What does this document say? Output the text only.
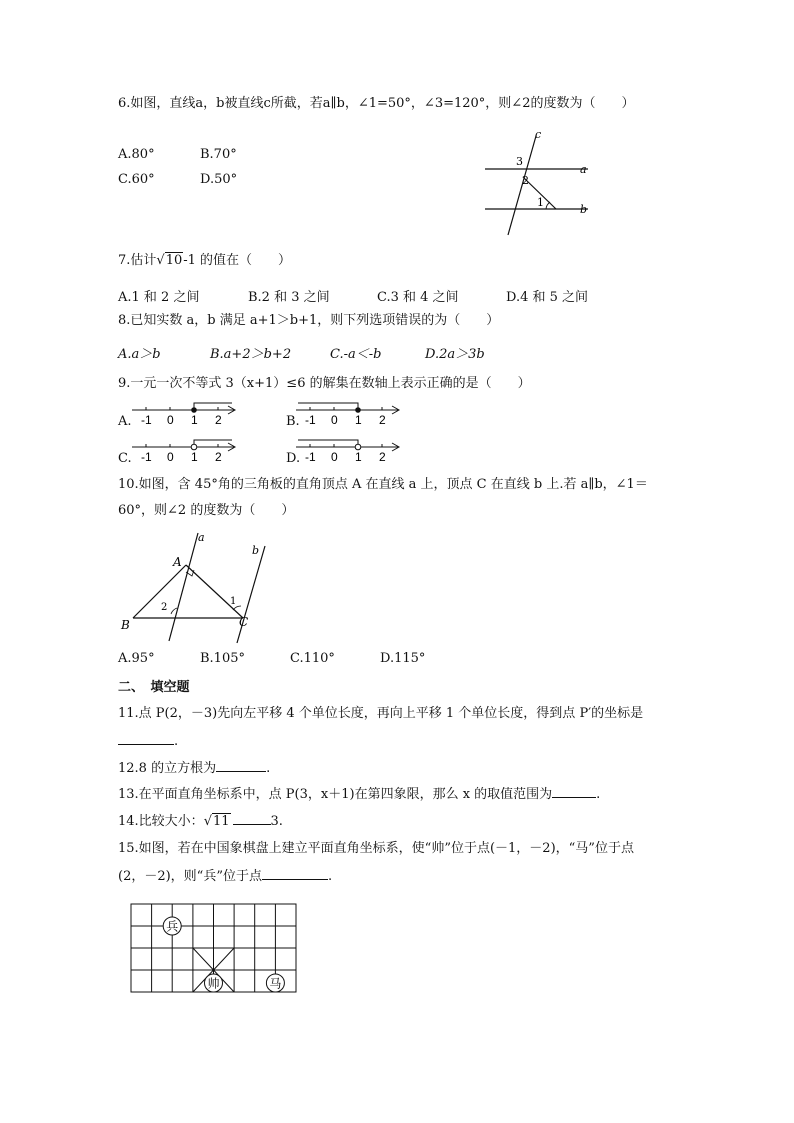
6.如图，直线a，b被直线c所截，若a∥b，∠1=50°，∠3=120°，则∠2的度数为（　　）
A.80°	B.70°
C.60°	D.50°
c
a
b
3
2
1
7.估计√10-1 的值在（　　）
A.1 和 2 之间	B.2 和 3 之间	C.3 和 4 之间	D.4 和 5 之间
8.已知实数 a，b 满足 a+1＞b+1，则下列选项错误的为（　　）
A.a＞b	B.a+2＞b+2	C.-a＜-b	D.2a＞3b
9.一元一次不等式 3（x+1）≤6 的解集在数轴上表示正确的是（　　）
A. -1 0 1 2	B. -1 0 1 2
C. -1 0 1 2	D. -1 0 1 2
10.如图，含 45°角的三角板的直角顶点 A 在直线 a 上，顶点 C 在直线 b 上.若 a∥b，∠1＝
60°，则∠2 的度数为（　　）
a
b
A
B	C
2
1
A.95°	B.105°	C.110°	D.115°
二、　填空题
11.点 P(2，－3)先向左平移 4 个单位长度，再向上平移 1 个单位长度，得到点 P′的坐标是
.
12.8 的立方根为	.
13.在平面直角坐标系中，点 P(3，x＋1)在第四象限，那么 x 的取值范围为	.
14.比较大小：√11	3.
15.如图，若在中国象棋盘上建立平面直角坐标系，使“帅”位于点(－1，－2)，“马”位于点
(2，－2)，则“兵”位于点	.
兵
帅	马
